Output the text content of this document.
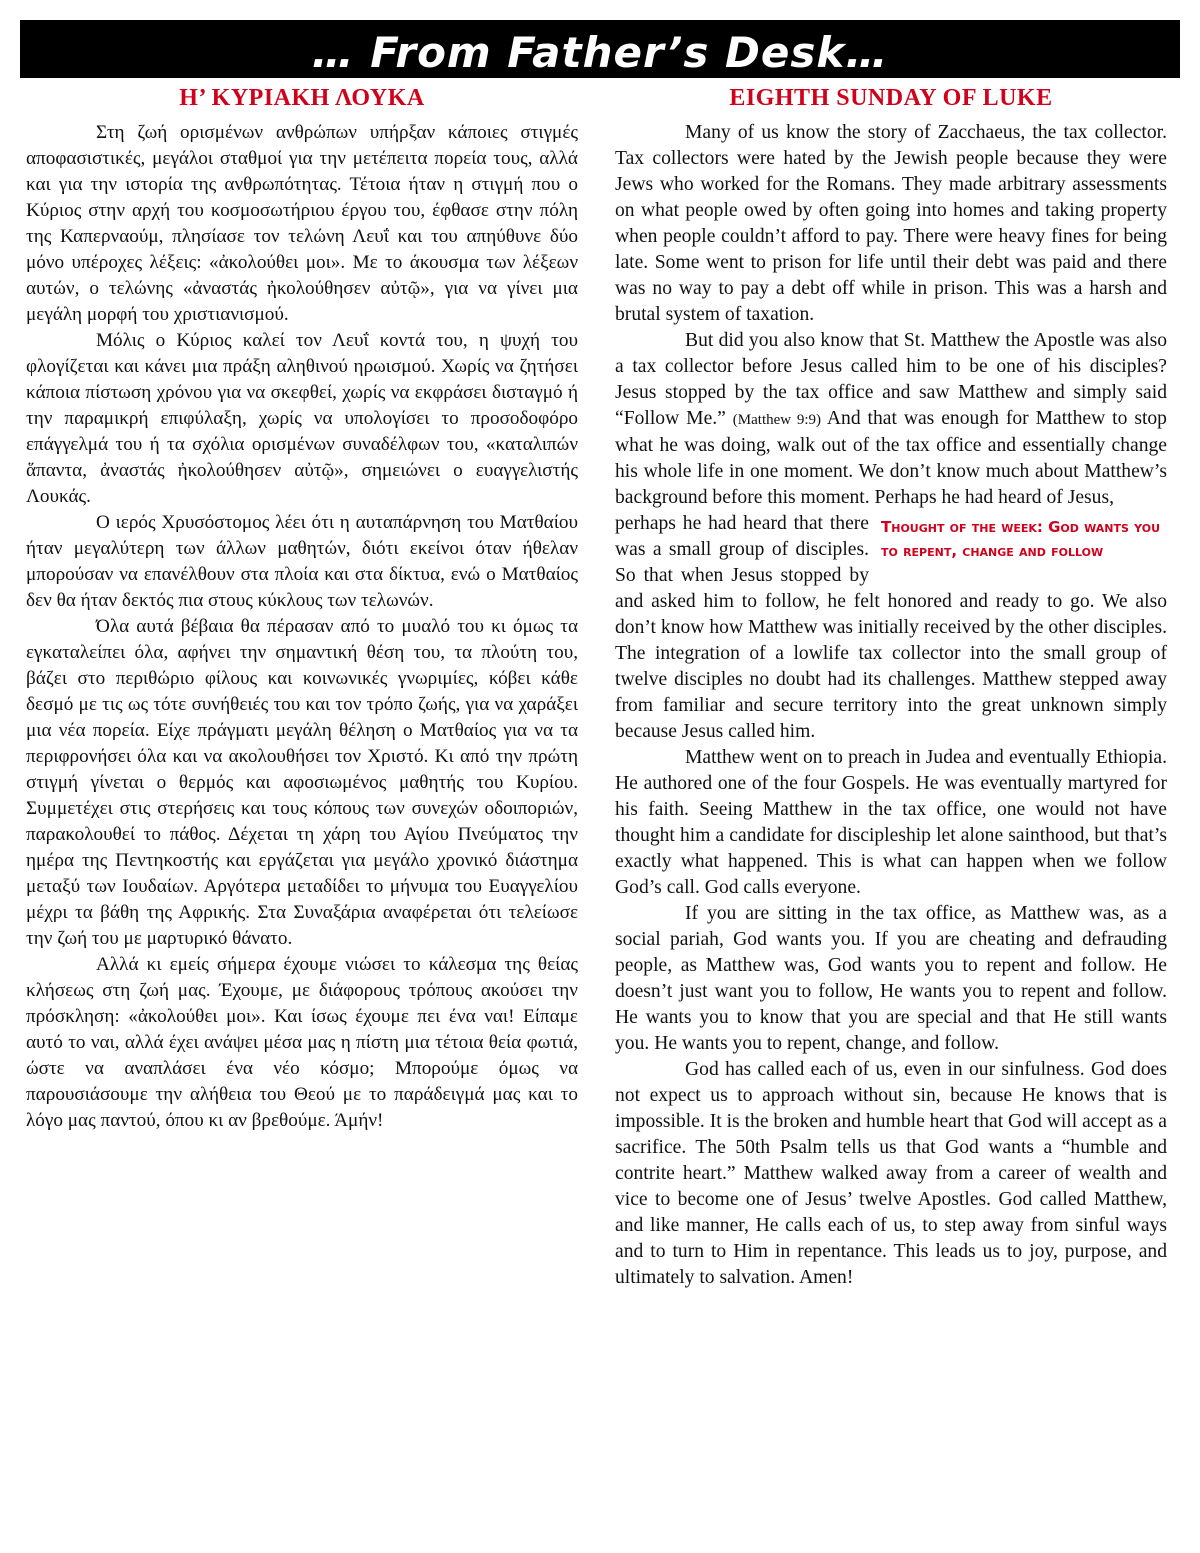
… From Father’s Desk…
Η’ ΚΥΡΙΑΚΗ ΛΟΥΚΑ

Στη ζωή ορισμένων ανθρώπων υπήρξαν κάποιες στιγμές αποφασιστικές, μεγάλοι σταθμοί για την μετέπειτα πορεία τους, αλλά και για την ιστορία της ανθρωπότητας. Τέτοια ήταν η στιγμή που ο Κύριος στην αρχή του κοσμοσωτήριου έργου του, έφθασε στην πόλη της Καπερναούμ, πλησίασε τον τελώνη Λευΐ και του απηύθυνε δύο μόνο υπέροχες λέξεις: «ἀκολούθει μοι». Με το άκουσμα των λέξεων αυτών, ο τελώνης «ἀναστάς ἠκολούθησεν αὐτῷ», για να γίνει μια μεγάλη μορφή του χριστιανισμού.

Μόλις ο Κύριος καλεί τον Λευΐ κοντά του, η ψυχή του φλογίζεται και κάνει μια πράξη αληθινού ηρωισμού. Χωρίς να ζητήσει κάποια πίστωση χρόνου για να σκεφθεί, χωρίς να εκφράσει δισταγμό ή την παραμικρή επιφύλαξη, χωρίς να υπολογίσει το προσοδοφόρο επάγγελμά του ή τα σχόλια ορισμένων συναδέλφων του, «καταλιπών ἅπαντα, ἀναστάς ἠκολούθησεν αὐτῷ», σημειώνει ο ευαγγελιστής Λουκάς.

Ο ιερός Χρυσόστομος λέει ότι η αυταπάρνηση του Ματθαίου ήταν μεγαλύτερη των άλλων μαθητών, διότι εκείνοι όταν ήθελαν μπορούσαν να επανέλθουν στα πλοία και στα δίκτυα, ενώ ο Ματθαίος δεν θα ήταν δεκτός πια στους κύκλους των τελωνών.

Όλα αυτά βέβαια θα πέρασαν από το μυαλό του κι όμως τα εγκαταλείπει όλα, αφήνει την σημαντική θέση του, τα πλούτη του, βάζει στο περιθώριο φίλους και κοινωνικές γνωριμίες, κόβει κάθε δεσμό με τις ως τότε συνήθειές του και τον τρόπο ζωής, για να χαράξει μια νέα πορεία. Είχε πράγματι μεγάλη θέληση ο Ματθαίος για να τα περιφρονήσει όλα και να ακολουθήσει τον Χριστό. Κι από την πρώτη στιγμή γίνεται ο θερμός και αφοσιωμένος μαθητής του Κυρίου. Συμμετέχει στις στερήσεις και τους κόπους των συνεχών οδοιποριών, παρακολουθεί το πάθος. Δέχεται τη χάρη του Αγίου Πνεύματος την ημέρα της Πεντηκοστής και εργάζεται για μεγάλο χρονικό διάστημα μεταξύ των Ιουδαίων. Αργότερα μεταδίδει το μήνυμα του Ευαγγελίου μέχρι τα βάθη της Αφρικής. Στα Συναξάρια αναφέρεται ότι τελείωσε την ζωή του με μαρτυρικό θάνατο.

Αλλά κι εμείς σήμερα έχουμε νιώσει το κάλεσμα της θείας κλήσεως στη ζωή μας. Έχουμε, με διάφορους τρόπους ακούσει την πρόσκληση: «ἀκολούθει μοι». Και ίσως έχουμε πει ένα ναι! Είπαμε αυτό το ναι, αλλά έχει ανάψει μέσα μας η πίστη μια τέτοια θεία φωτιά, ώστε να αναπλάσει ένα νέο κόσμο; Μπορούμε όμως να παρουσιάσουμε την αλήθεια του Θεού με το παράδειγμά μας και το λόγο μας παντού, όπου κι αν βρεθούμε. Άμήν!

EIGHTH SUNDAY OF LUKE

Many of us know the story of Zacchaeus, the tax collector. Tax collectors were hated by the Jewish people because they were Jews who worked for the Romans. They made arbitrary assessments on what people owed by often going into homes and taking property when people couldn’t afford to pay. There were heavy fines for being late. Some went to prison for life until their debt was paid and there was no way to pay a debt off while in prison. This was a harsh and brutal system of taxation.

But did you also know that St. Matthew the Apostle was also a tax collector before Jesus called him to be one of his disciples? Jesus stopped by the tax office and saw Matthew and simply said “Follow Me.” (Matthew 9:9) And that was enough for Matthew to stop what he was doing, walk out of the tax office and essentially change his whole life in one moment. We don’t know much about Matthew’s background before this moment. Perhaps he had heard of Jesus,

Thought of the week: God wants you to repent, change and follow
perhaps he had heard that there was a small group of disciples. So that when Jesus stopped by and asked him to follow, he felt honored and ready to go. We also don’t know how Matthew was initially received by the other disciples. The integration of a lowlife tax collector into the small group of twelve disciples no doubt had its challenges. Matthew stepped away from familiar and secure territory into the great unknown simply because Jesus called him.

Matthew went on to preach in Judea and eventually Ethiopia. He authored one of the four Gospels. He was eventually martyred for his faith. Seeing Matthew in the tax office, one would not have thought him a candidate for discipleship let alone sainthood, but that’s exactly what happened. This is what can happen when we follow God’s call. God calls everyone.

If you are sitting in the tax office, as Matthew was, as a social pariah, God wants you. If you are cheating and defrauding people, as Matthew was, God wants you to repent and follow. He doesn’t just want you to follow, He wants you to repent and follow. He wants you to know that you are special and that He still wants you. He wants you to repent, change, and follow.

God has called each of us, even in our sinfulness. God does not expect us to approach without sin, because He knows that is impossible. It is the broken and humble heart that God will accept as a sacrifice. The 50th Psalm tells us that God wants a “humble and contrite heart.” Matthew walked away from a career of wealth and vice to become one of Jesus’ twelve Apostles. God called Matthew, and like manner, He calls each of us, to step away from sinful ways and to turn to Him in repentance. This leads us to joy, purpose, and ultimately to salvation. Amen!
